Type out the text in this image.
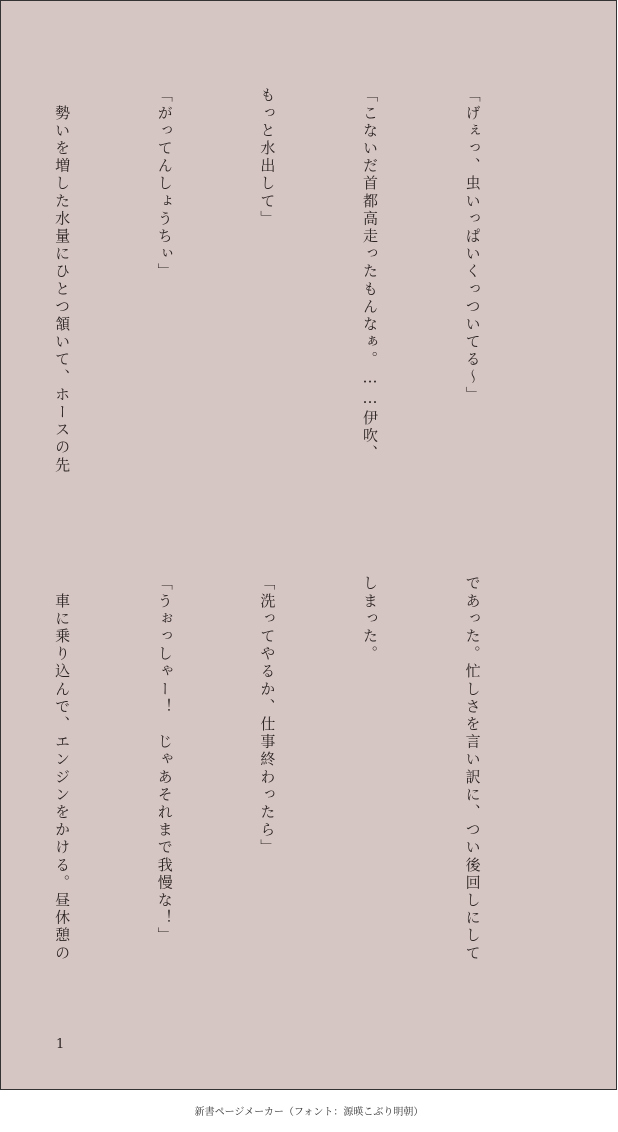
「げぇっ、虫いっぱいくっついてる〜」

「こないだ首都高走ったもんなぁ。……伊吹、

もっと水出して」

「がってんしょうちぃ」

　勢いを増した水量にひとつ頷いて、ホースの先

であった。忙しさを言い訳に、つい後回しにして

しまった。

「洗ってやるか、仕事終わったら」

「うぉっしゃー！　じゃあそれまで我慢な！」

　車に乗り込んで、エンジンをかける。昼休憩の

1
新書ページメーカー（フォント：源暎こぶり明朝）
